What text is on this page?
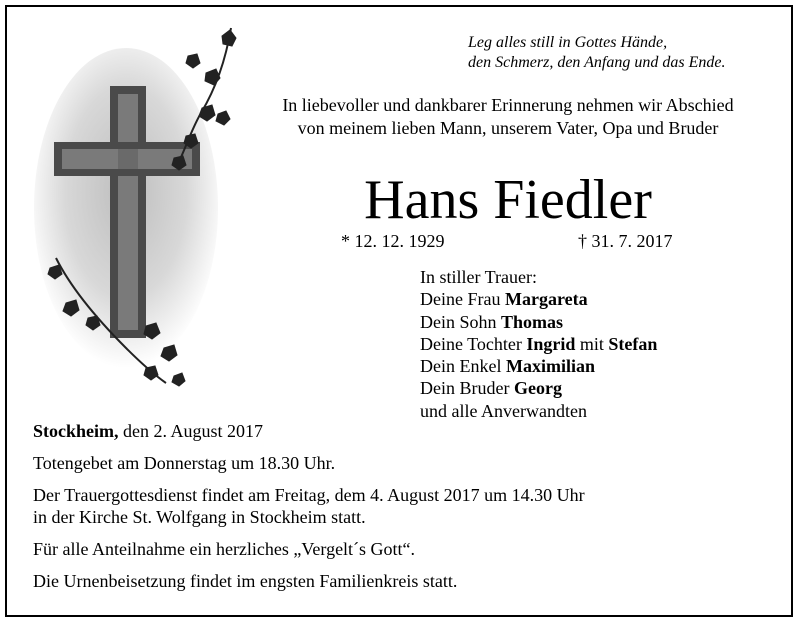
Leg alles still in Gottes Hände,
den Schmerz, den Anfang und das Ende.
In liebevoller und dankbarer Erinnerung nehmen wir Abschied
von meinem lieben Mann, unserem Vater, Opa und Bruder
Hans Fiedler
* 12. 12. 1929	† 31. 7. 2017
In stiller Trauer:
Deine Frau Margareta
Dein Sohn Thomas
Deine Tochter Ingrid mit Stefan
Dein Enkel Maximilian
Dein Bruder Georg
und alle Anverwandten

Stockheim, den 2. August 2017

Totengebet am Donnerstag um 18.30 Uhr.

Der Trauergottesdienst findet am Freitag, dem 4. August 2017 um 14.30 Uhr

in der Kirche St. Wolfgang in Stockheim statt.

Für alle Anteilnahme ein herzliches „Vergelt´s Gott“.

Die Urnenbeisetzung findet im engsten Familienkreis statt.
